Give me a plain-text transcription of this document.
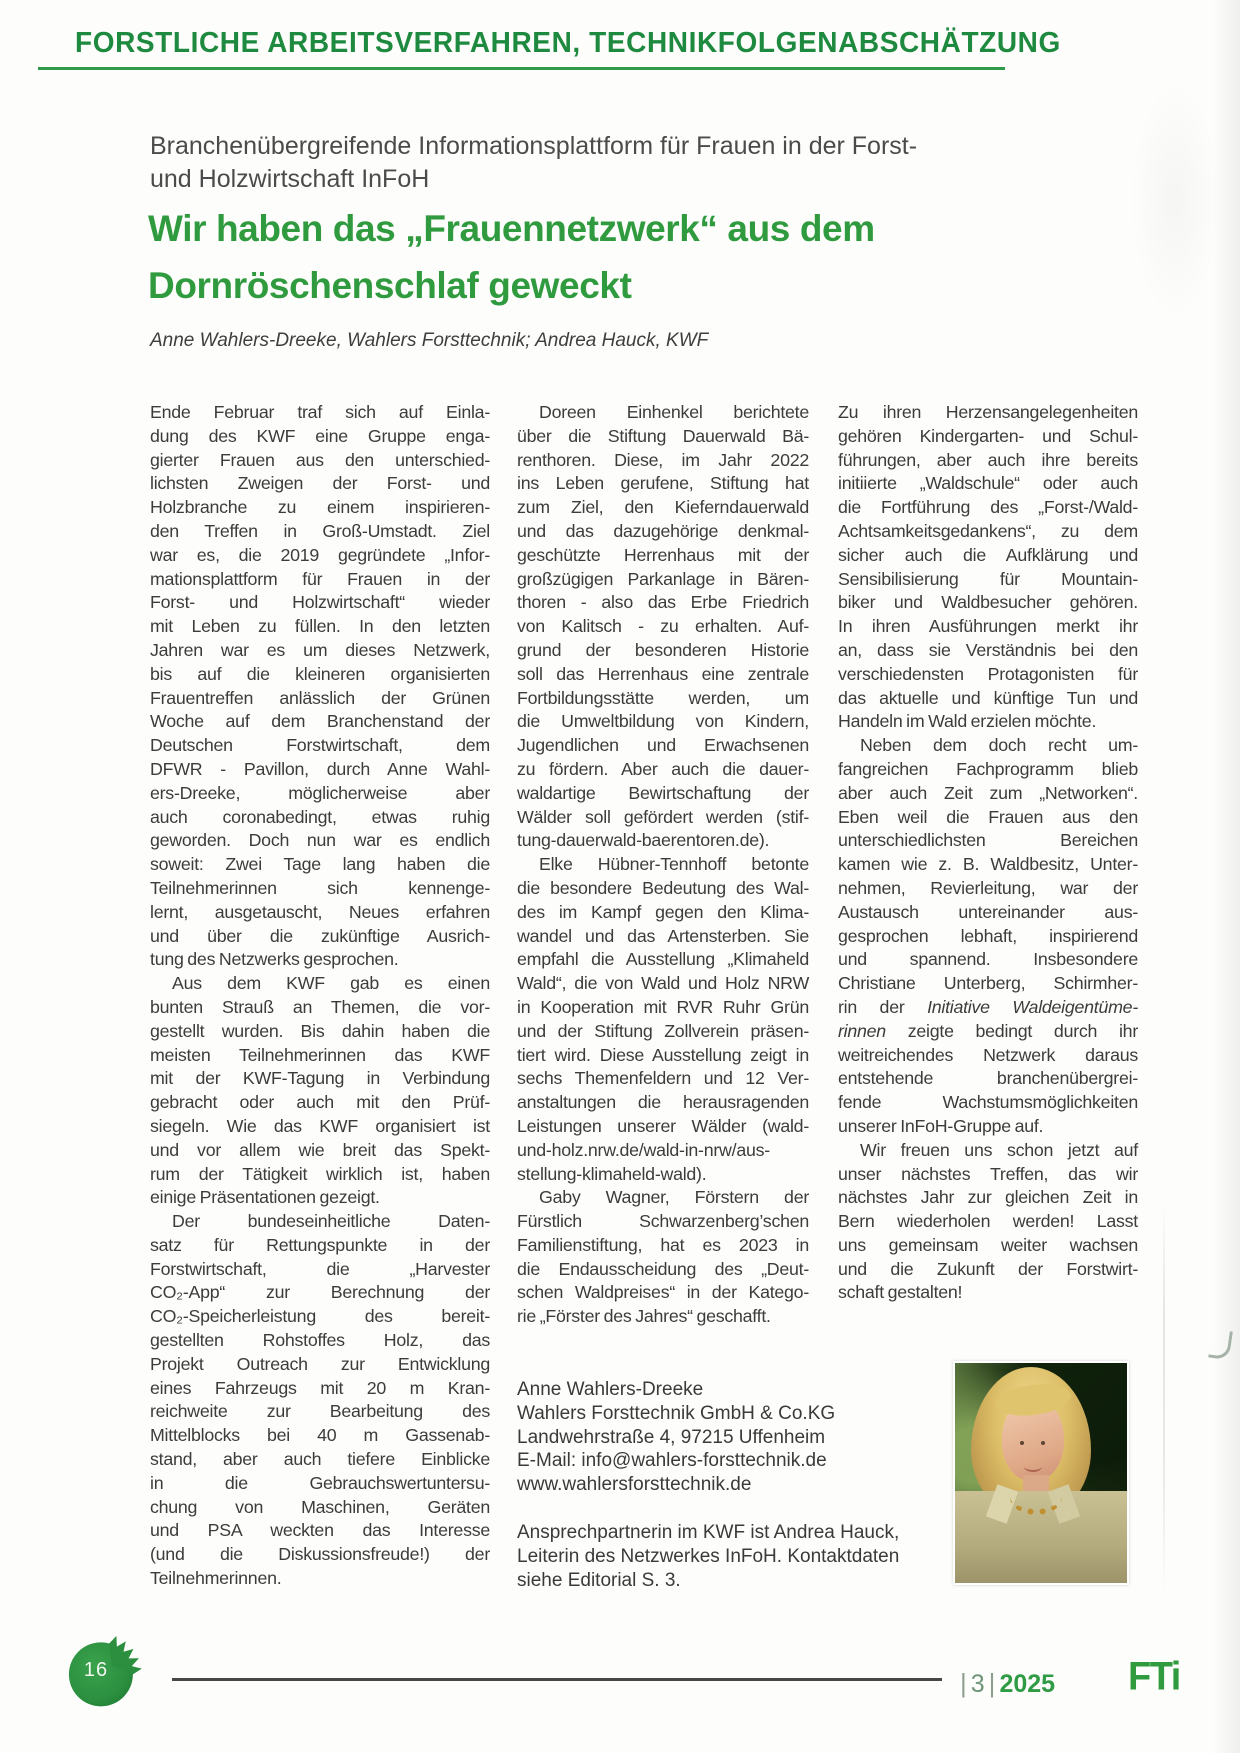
FORSTLICHE ARBEITSVERFAHREN, TECHNIKFOLGENABSCHÄTZUNG
Branchenübergreifende Informationsplattform für Frauen in der Forst-
und Holzwirtschaft InFoH
Wir haben das „Frauennetzwerk“ aus dem
Dornröschenschlaf geweckt
Anne Wahlers-Dreeke, Wahlers Forsttechnik; Andrea Hauck, KWF
Ende Februar traf sich auf Einla-
dung des KWF eine Gruppe enga-
gierter Frauen aus den unterschied-
lichsten Zweigen der Forst- und
Holzbranche zu einem inspirieren-
den Treffen in Groß-Umstadt. Ziel
war es, die 2019 gegründete „Infor-
mationsplattform für Frauen in der
Forst- und Holzwirtschaft“ wieder
mit Leben zu füllen. In den letzten
Jahren war es um dieses Netzwerk,
bis auf die kleineren organisierten
Frauentreffen anlässlich der Grünen
Woche auf dem Branchenstand der
Deutschen Forstwirtschaft, dem
DFWR - Pavillon, durch Anne Wahl-
ers-Dreeke, möglicherweise aber
auch coronabedingt, etwas ruhig
geworden. Doch nun war es endlich
soweit: Zwei Tage lang haben die
Teilnehmerinnen sich kennenge-
lernt, ausgetauscht, Neues erfahren
und über die zukünftige Ausrich-
tung des Netzwerks gesprochen.
Aus dem KWF gab es einen
bunten Strauß an Themen, die vor-
gestellt wurden. Bis dahin haben die
meisten Teilnehmerinnen das KWF
mit der KWF-Tagung in Verbindung
gebracht oder auch mit den Prüf-
siegeln. Wie das KWF organisiert ist
und vor allem wie breit das Spekt-
rum der Tätigkeit wirklich ist, haben
einige Präsentationen gezeigt.
Der bundeseinheitliche Daten-
satz für Rettungspunkte in der
Forstwirtschaft, die „Harvester
CO₂-App“ zur Berechnung der
CO₂-Speicherleistung des bereit-
gestellten Rohstoffes Holz, das
Projekt Outreach zur Entwicklung
eines Fahrzeugs mit 20 m Kran-
reichweite zur Bearbeitung des
Mittelblocks bei 40 m Gassenab-
stand, aber auch tiefere Einblicke
in die Gebrauchswertuntersu-
chung von Maschinen, Geräten
und PSA weckten das Interesse
(und die Diskussionsfreude!) der
Teilnehmerinnen.
Doreen Einhenkel berichtete
über die Stiftung Dauerwald Bä-
renthoren. Diese, im Jahr 2022
ins Leben gerufene, Stiftung hat
zum Ziel, den Kieferndauerwald
und das dazugehörige denkmal-
geschützte Herrenhaus mit der
großzügigen Parkanlage in Bären-
thoren - also das Erbe Friedrich
von Kalitsch - zu erhalten. Auf-
grund der besonderen Historie
soll das Herrenhaus eine zentrale
Fortbildungsstätte werden, um
die Umweltbildung von Kindern,
Jugendlichen und Erwachsenen
zu fördern. Aber auch die dauer-
waldartige Bewirtschaftung der
Wälder soll gefördert werden (stif-
tung-dauerwald-baerentoren.de).
Elke Hübner-Tennhoff betonte
die besondere Bedeutung des Wal-
des im Kampf gegen den Klima-
wandel und das Artensterben. Sie
empfahl die Ausstellung „Klimaheld
Wald“, die von Wald und Holz NRW
in Kooperation mit RVR Ruhr Grün
und der Stiftung Zollverein präsen-
tiert wird. Diese Ausstellung zeigt in
sechs Themenfeldern und 12 Ver-
anstaltungen die herausragenden
Leistungen unserer Wälder (wald-
und-holz.nrw.de/wald-in-nrw/aus-
stellung-klimaheld-wald).
Gaby Wagner, Förstern der
Fürstlich Schwarzenberg’schen
Familienstiftung, hat es 2023 in
die Endausscheidung des „Deut-
schen Waldpreises“ in der Katego-
rie „Förster des Jahres“ geschafft.
Zu ihren Herzensangelegenheiten
gehören Kindergarten- und Schul-
führungen, aber auch ihre bereits
initiierte „Waldschule“ oder auch
die Fortführung des „Forst-/Wald-
Achtsamkeitsgedankens“, zu dem
sicher auch die Aufklärung und
Sensibilisierung für Mountain-
biker und Waldbesucher gehören.
In ihren Ausführungen merkt ihr
an, dass sie Verständnis bei den
verschiedensten Protagonisten für
das aktuelle und künftige Tun und
Handeln im Wald erzielen möchte.
Neben dem doch recht um-
fangreichen Fachprogramm blieb
aber auch Zeit zum „Networken“.
Eben weil die Frauen aus den
unterschiedlichsten Bereichen
kamen wie z. B. Waldbesitz, Unter-
nehmen, Revierleitung, war der
Austausch untereinander aus-
gesprochen lebhaft, inspirierend
und spannend. Insbesondere
Christiane Unterberg, Schirmher-
rin der Initiative Waldeigentüme-
rinnen zeigte bedingt durch ihr
weitreichendes Netzwerk daraus
entstehende branchenübergrei-
fende Wachstumsmöglichkeiten
unserer InFoH-Gruppe auf.
Wir freuen uns schon jetzt auf
unser nächstes Treffen, das wir
nächstes Jahr zur gleichen Zeit in
Bern wiederholen werden! Lasst
uns gemeinsam weiter wachsen
und die Zukunft der Forstwirt-
schaft gestalten!
Anne Wahlers-Dreeke
Wahlers Forsttechnik GmbH & Co.KG
Landwehrstraße 4, 97215 Uffenheim
E-Mail: info@wahlers-forsttechnik.de
www.wahlersforsttechnik.de
Ansprechpartnerin im KWF ist Andrea Hauck,
Leiterin des Netzwerkes InFoH. Kontaktdaten
siehe Editorial S. 3.
16	| 3 | 2025 FTi
